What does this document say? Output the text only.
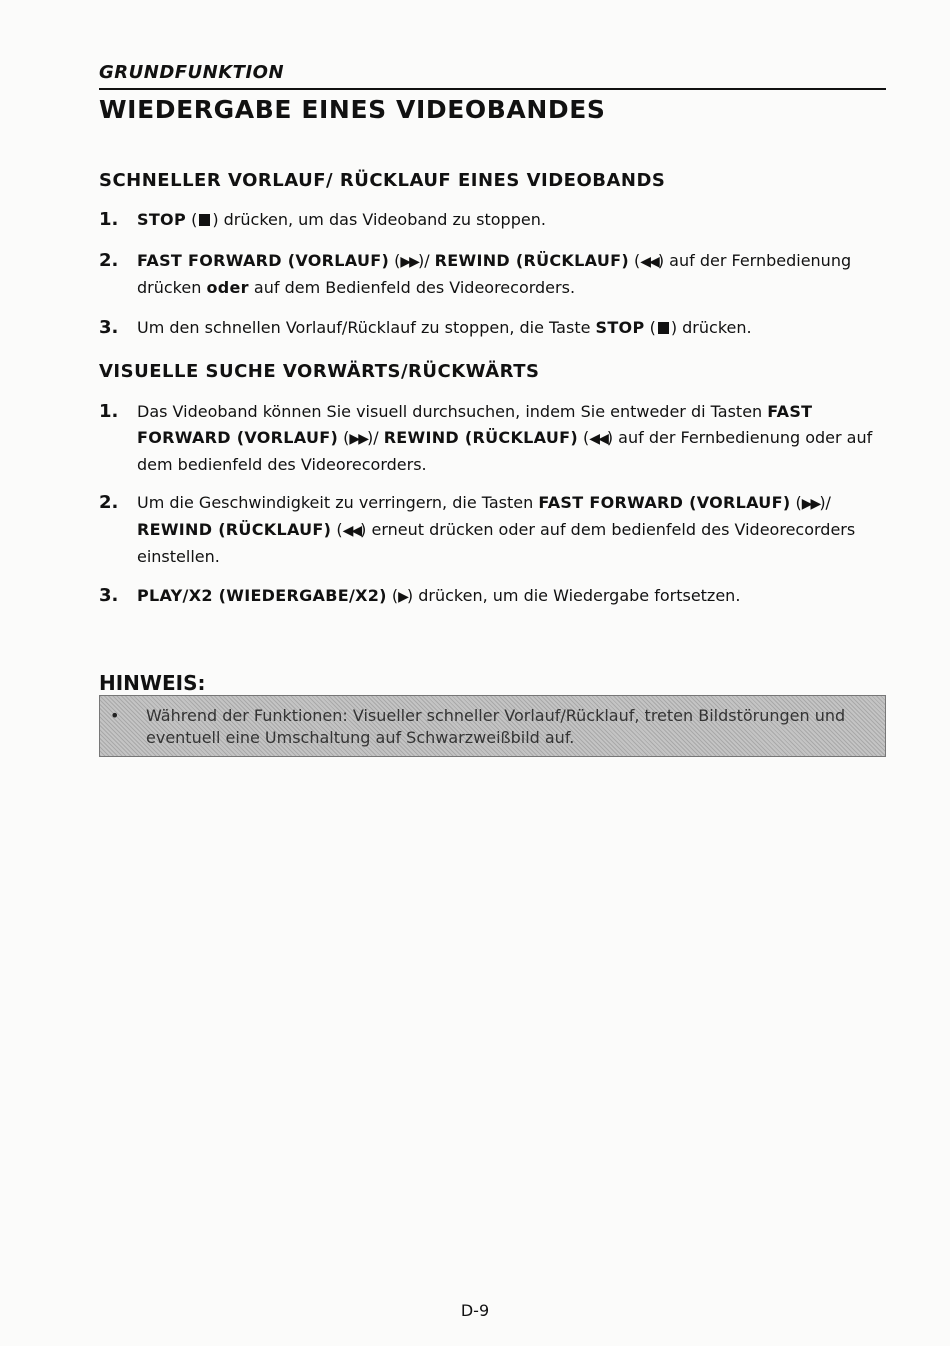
GRUNDFUNKTION
WIEDERGABE EINES VIDEOBANDES
SCHNELLER VORLAUF/ RÜCKLAUF EINES VIDEOBANDS
1. STOP ( ) drücken, um das Videoband zu stoppen.
2. FAST FORWARD (VORLAUF) (▶▶)/ REWIND (RÜCKLAUF) (◀◀) auf der Fernbedienung drücken oder auf dem Bedienfeld des Videorecorders.
3. Um den schnellen Vorlauf/Rücklauf zu stoppen, die Taste STOP ( ) drücken.
VISUELLE SUCHE VORWÄRTS/RÜCKWÄRTS
1. Das Videoband können Sie visuell durchsuchen, indem Sie entweder di Tasten FAST FORWARD (VORLAUF) (▶▶)/ REWIND (RÜCKLAUF) (◀◀) auf der Fernbedienung oder auf dem bedienfeld des Videorecorders.
2. Um die Geschwindigkeit zu verringern, die Tasten FAST FORWARD (VORLAUF) (▶▶)/ REWIND (RÜCKLAUF) (◀◀) erneut drücken oder auf dem bedienfeld des Videorecorders einstellen.
3. PLAY/X2 (WIEDERGABE/X2) (▶) drücken, um die Wiedergabe fortsetzen.
HINWEIS:
• Während der Funktionen: Visueller schneller Vorlauf/Rücklauf, treten Bildstörungen und eventuell eine Umschaltung auf Schwarzweißbild auf.
D-9
